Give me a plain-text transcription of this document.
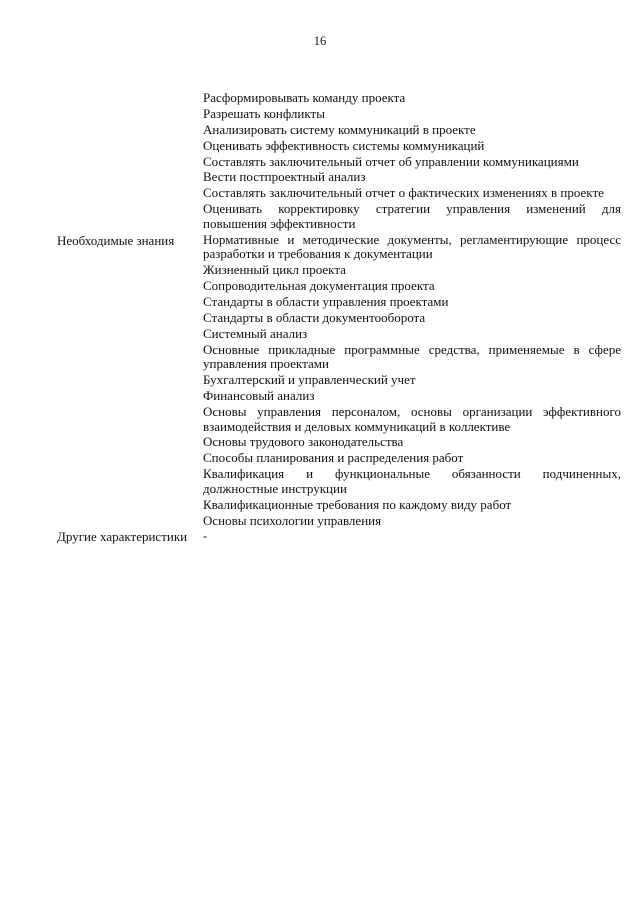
16
Расформировывать команду проекта
Разрешать конфликты
Анализировать систему коммуникаций в проекте
Оценивать эффективность системы коммуникаций
Составлять заключительный отчет об управлении коммуникациями
Вести постпроектный анализ
Составлять заключительный отчет о фактических изменениях в проекте
Оценивать корректировку стратегии управления изменений для повышения эффективности
Необходимые знания	Нормативные и методические документы, регламентирующие процесс разработки и требования к документации
Жизненный цикл проекта
Сопроводительная документация проекта
Стандарты в области управления проектами
Стандарты в области документооборота
Системный анализ
Основные прикладные программные средства, применяемые в сфере управления проектами
Бухгалтерский и управленческий учет
Финансовый анализ
Основы управления персоналом, основы организации эффективного взаимодействия и деловых коммуникаций в коллективе
Основы трудового законодательства
Способы планирования и распределения работ
Квалификация и функциональные обязанности подчиненных, должностные инструкции
Квалификационные требования по каждому виду работ
Основы психологии управления
Другие характеристики	-
